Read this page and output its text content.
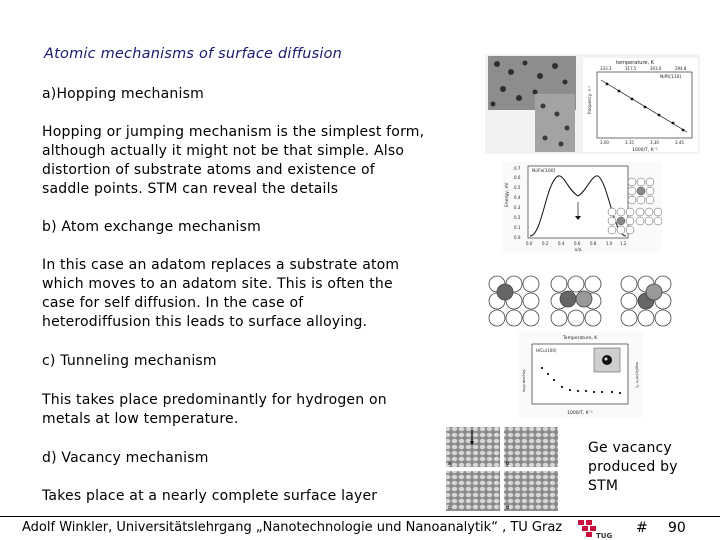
Atomic mechanisms of surface diffusion
a)Hopping mechanism
Hopping or jumping mechanism is the simplest form,
although actually it might not be that simple. Also
distortion of substrate atoms and existence of
saddle points. STM can reveal the details
b) Atom exchange mechanism
In this case an adatom replaces a substrate atom
which moves to an adatom site. This is often the
case for self diffusion. In the case of
heterodiffusion this leads to surface alloying.
c) Tunneling mechanism
This takes place predominantly for hydrogen on
metals at low temperature.
d) Vacancy mechanism
Takes place at a nearly complete surface layer
temperature, K
333.3	317.5	303.0	294.8
NiPt(110)
frequency, s⁻¹
3.00	3.15	3.30	3.45
1000/T, K⁻¹
Energy, eV
Ni/Fe[100]
0.0
0.1
0.2
0.3
0.4
0.5
0.6
0.7
0.0 0.2 0.4 0.6 0.8 1.0 1.2
x/a
Temperature, K
H/Cu(100)
log(rate/Hz)	log(D/cm²s⁻¹)
1000/T, K⁻¹
a	b
c	d
Ge vacancy
produced by
STM
Adolf Winkler, Universitätslehrgang „Nanotechnologie und Nanoanalytik“ , TU Graz
TUG # 90
